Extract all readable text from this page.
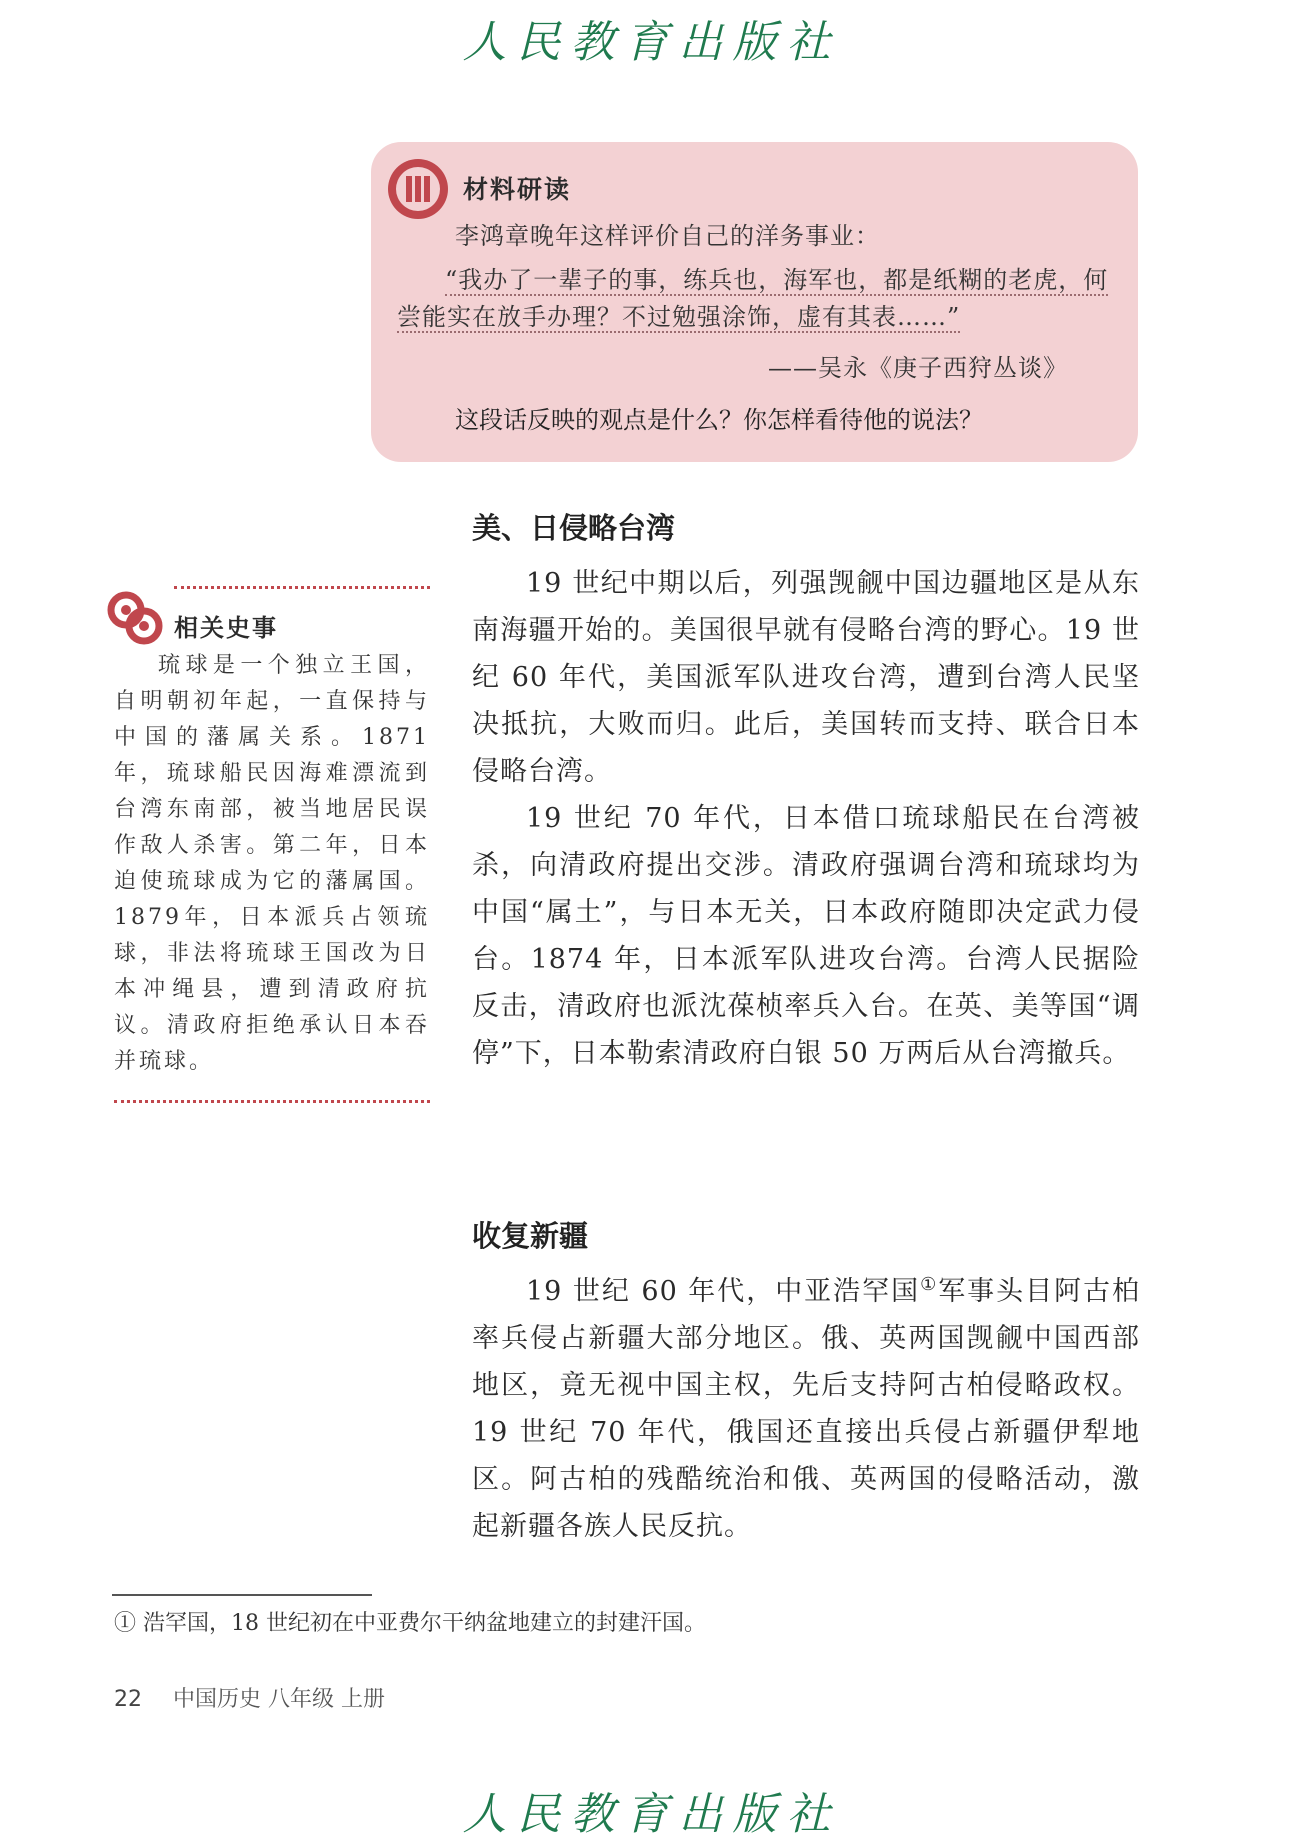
人民教育出版社
材料研读
李鸿章晚年这样评价自己的洋务事业：
“我办了一辈子的事，练兵也，海军也，都是纸糊的老虎，何尝能实在放手办理？不过勉强涂饰，虚有其表……”
——吴永《庚子西狩丛谈》
这段话反映的观点是什么？你怎样看待他的说法？
相关史事
琉球是一个独立王国，自明朝初年起，一直保持与中国的藩属关系。1871年，琉球船民因海难漂流到台湾东南部，被当地居民误作敌人杀害。第二年，日本迫使琉球成为它的藩属国。1879年，日本派兵占领琉球，非法将琉球王国改为日本冲绳县，遭到清政府抗议。清政府拒绝承认日本吞并琉球。
美、日侵略台湾

19 世纪中期以后，列强觊觎中国边疆地区是从东南海疆开始的。美国很早就有侵略台湾的野心。19 世纪 60 年代，美国派军队进攻台湾，遭到台湾人民坚决抵抗，大败而归。此后，美国转而支持、联合日本侵略台湾。

19 世纪 70 年代，日本借口琉球船民在台湾被杀，向清政府提出交涉。清政府强调台湾和琉球均为中国“属土”，与日本无关，日本政府随即决定武力侵台。1874 年，日本派军队进攻台湾。台湾人民据险反击，清政府也派沈葆桢率兵入台。在英、美等国“调停”下，日本勒索清政府白银 50 万两后从台湾撤兵。

收复新疆

19 世纪 60 年代，中亚浩罕国①军事头目阿古柏率兵侵占新疆大部分地区。俄、英两国觊觎中国西部地区，竟无视中国主权，先后支持阿古柏侵略政权。19 世纪 70 年代，俄国还直接出兵侵占新疆伊犁地区。阿古柏的残酷统治和俄、英两国的侵略活动，激起新疆各族人民反抗。

① 浩罕国，18 世纪初在中亚费尔干纳盆地建立的封建汗国。
22 中国历史 八年级 上册
人民教育出版社
